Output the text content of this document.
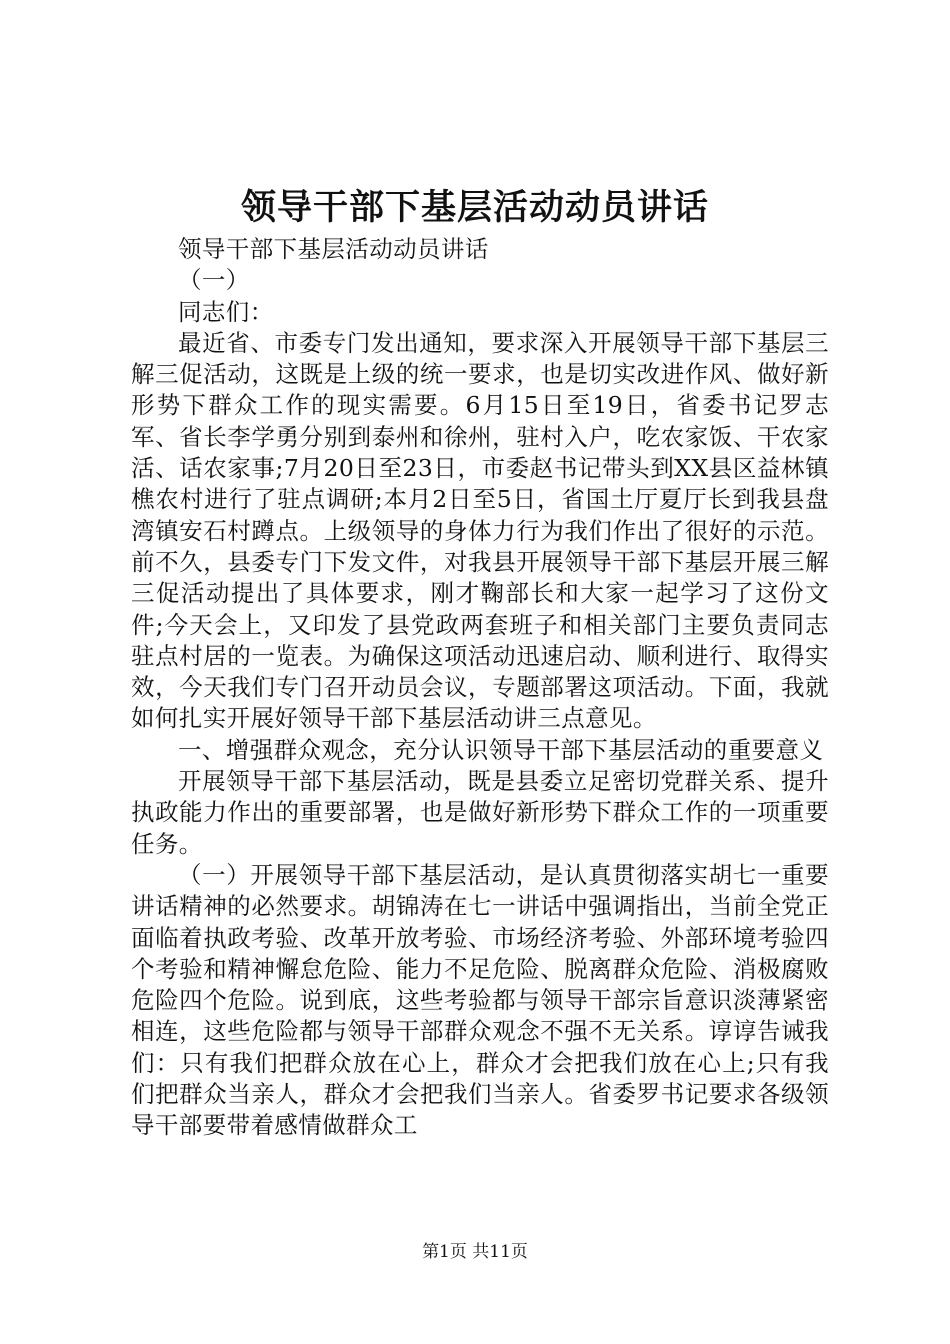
领导干部下基层活动动员讲话

领导干部下基层活动动员讲话

（一）

同志们：

最近省、市委专门发出通知，要求深入开展领导干部下基层三解三促活动，这既是上级的统一要求，也是切实改进作风、做好新形势下群众工作的现实需要。6月15日至19日，省委书记罗志军、省长李学勇分别到泰州和徐州，驻村入户，吃农家饭、干农家活、话农家事;7月20日至23日，市委赵书记带头到XX县区益林镇樵农村进行了驻点调研;本月2日至5日，省国土厅夏厅长到我县盘湾镇安石村蹲点。上级领导的身体力行为我们作出了很好的示范。前不久，县委专门下发文件，对我县开展领导干部下基层开展三解三促活动提出了具体要求，刚才鞠部长和大家一起学习了这份文件;今天会上，又印发了县党政两套班子和相关部门主要负责同志驻点村居的一览表。为确保这项活动迅速启动、顺利进行、取得实效，今天我们专门召开动员会议，专题部署这项活动。下面，我就如何扎实开展好领导干部下基层活动讲三点意见。

一、增强群众观念，充分认识领导干部下基层活动的重要意义

开展领导干部下基层活动，既是县委立足密切党群关系、提升执政能力作出的重要部署，也是做好新形势下群众工作的一项重要任务。

（一）开展领导干部下基层活动，是认真贯彻落实胡七一重要讲话精神的必然要求。胡锦涛在七一讲话中强调指出，当前全党正面临着执政考验、改革开放考验、市场经济考验、外部环境考验四个考验和精神懈怠危险、能力不足危险、脱离群众危险、消极腐败危险四个危险。说到底，这些考验都与领导干部宗旨意识淡薄紧密相连，这些危险都与领导干部群众观念不强不无关系。谆谆告诫我们：只有我们把群众放在心上，群众才会把我们放在心上;只有我们把群众当亲人，群众才会把我们当亲人。省委罗书记要求各级领导干部要带着感情做群众工

第1页 共11页
